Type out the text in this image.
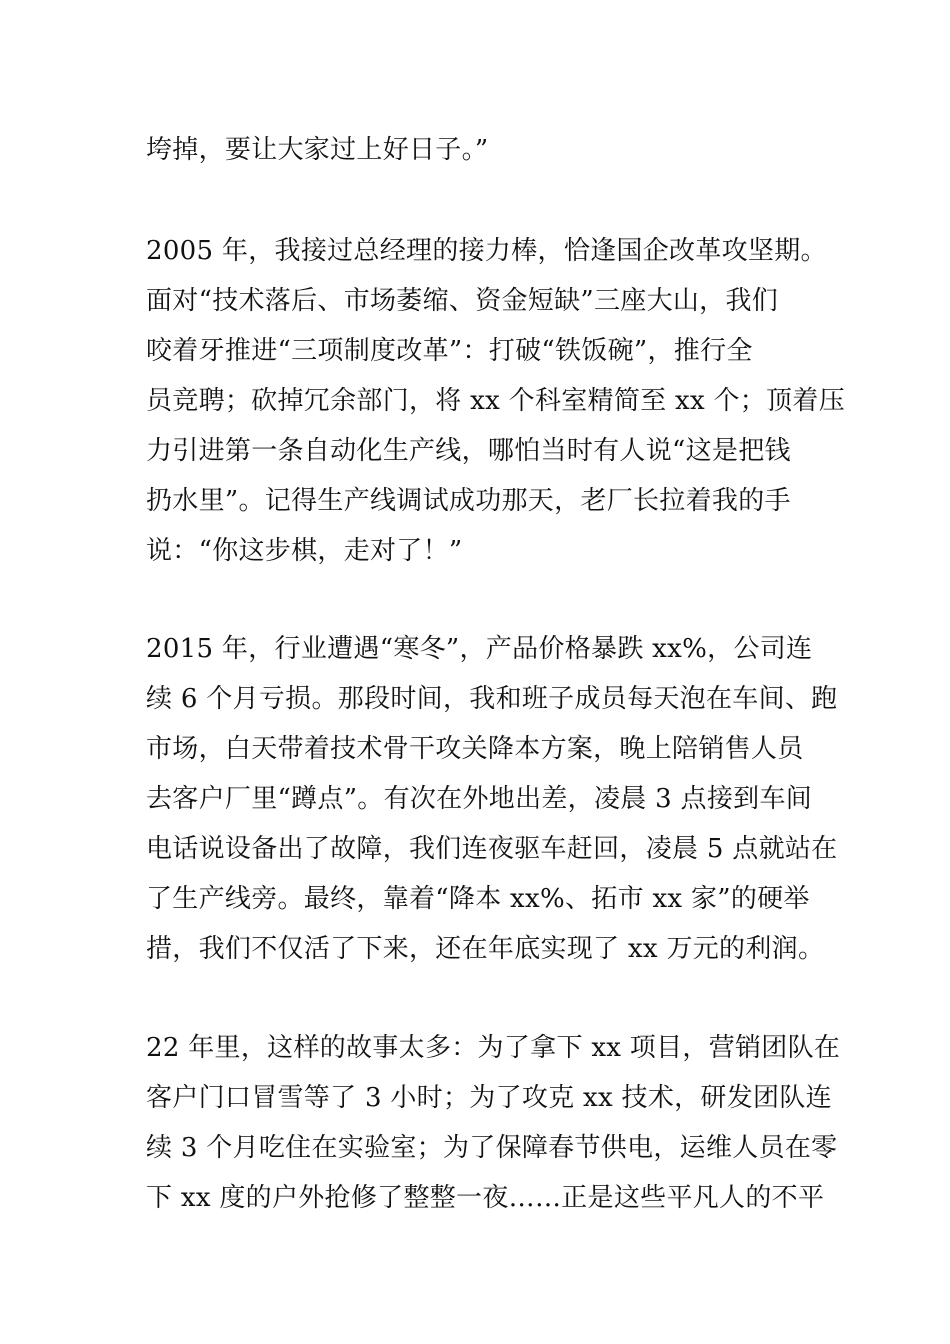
垮掉，要让大家过上好日子。”
2005 年，我接过总经理的接力棒，恰逢国企改革攻坚期。
面对“技术落后、市场萎缩、资金短缺”三座大山，我们
咬着牙推进“三项制度改革”：打破“铁饭碗”，推行全
员竞聘；砍掉冗余部门，将 xx 个科室精简至 xx 个；顶着压
力引进第一条自动化生产线，哪怕当时有人说“这是把钱
扔水里”。记得生产线调试成功那天，老厂长拉着我的手
说：“你这步棋，走对了！”
2015 年，行业遭遇“寒冬”，产品价格暴跌 xx%，公司连
续 6 个月亏损。那段时间，我和班子成员每天泡在车间、跑
市场，白天带着技术骨干攻关降本方案，晚上陪销售人员
去客户厂里“蹲点”。有次在外地出差，凌晨 3 点接到车间
电话说设备出了故障，我们连夜驱车赶回，凌晨 5 点就站在
了生产线旁。最终，靠着“降本 xx%、拓市 xx 家”的硬举
措，我们不仅活了下来，还在年底实现了 xx 万元的利润。
22 年里，这样的故事太多：为了拿下 xx 项目，营销团队在
客户门口冒雪等了 3 小时；为了攻克 xx 技术，研发团队连
续 3 个月吃住在实验室；为了保障春节供电，运维人员在零
下 xx 度的户外抢修了整整一夜……正是这些平凡人的不平
